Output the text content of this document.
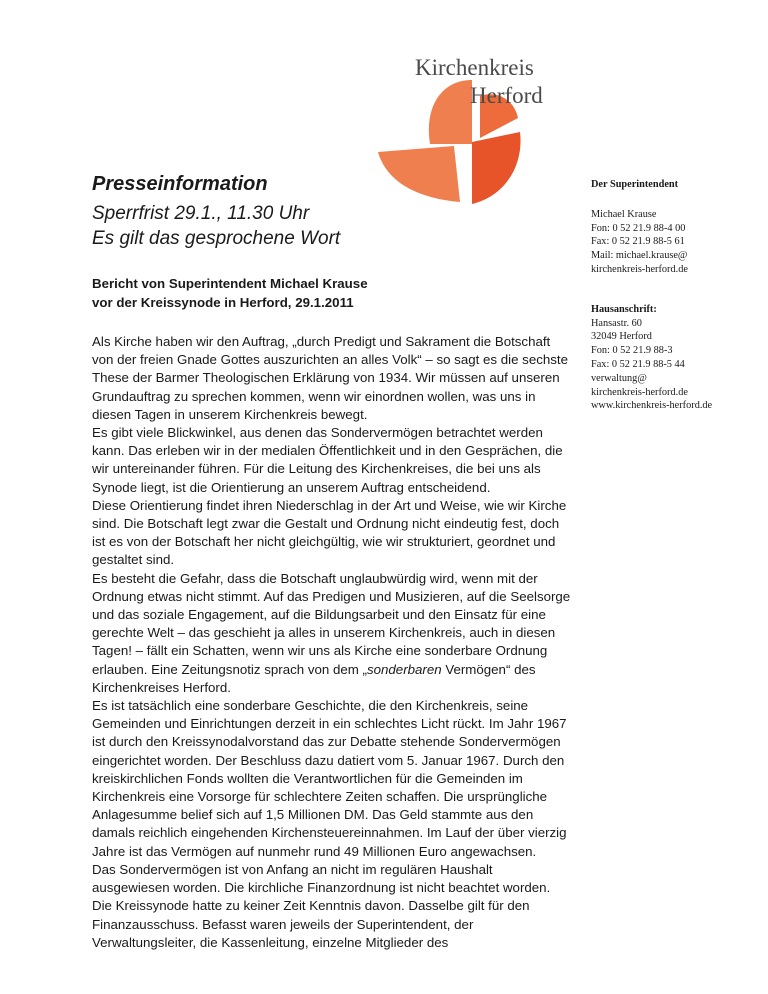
Kirchenkreis
Herford
Presseinformation
Sperrfrist 29.1., 11.30 Uhr
Es gilt das gesprochene Wort
Bericht von Superintendent Michael Krause
vor der Kreissynode in Herford, 29.1.2011

Als Kirche haben wir den Auftrag, „durch Predigt und Sakrament die Botschaft von der freien Gnade Gottes auszurichten an alles Volk“ – so sagt es die sechste These der Barmer Theologischen Erklärung von 1934. Wir müssen auf unseren Grundauftrag zu sprechen kommen, wenn wir einordnen wollen, was uns in diesen Tagen in unserem Kirchenkreis bewegt.

Es gibt viele Blickwinkel, aus denen das Sondervermögen betrachtet werden kann. Das erleben wir in der medialen Öffentlichkeit und in den Gesprächen, die wir untereinander führen. Für die Leitung des Kirchenkreises, die bei uns als Synode liegt, ist die Orientierung an unserem Auftrag entscheidend.

Diese Orientierung findet ihren Niederschlag in der Art und Weise, wie wir Kirche sind. Die Botschaft legt zwar die Gestalt und Ordnung nicht eindeutig fest, doch ist es von der Botschaft her nicht gleichgültig, wie wir strukturiert, geordnet und gestaltet sind.

Es besteht die Gefahr, dass die Botschaft unglaubwürdig wird, wenn mit der Ordnung etwas nicht stimmt. Auf das Predigen und Musizieren, auf die Seelsorge und das soziale Engagement, auf die Bildungsarbeit und den Einsatz für eine gerechte Welt – das geschieht ja alles in unserem Kirchenkreis, auch in diesen Tagen! – fällt ein Schatten, wenn wir uns als Kirche eine sonderbare Ordnung erlauben. Eine Zeitungsnotiz sprach von dem „sonderbaren Vermögen“ des Kirchenkreises Herford.

Es ist tatsächlich eine sonderbare Geschichte, die den Kirchenkreis, seine Gemeinden und Einrichtungen derzeit in ein schlechtes Licht rückt. Im Jahr 1967 ist durch den Kreissynodalvorstand das zur Debatte stehende Sondervermögen eingerichtet worden. Der Beschluss dazu datiert vom 5. Januar 1967. Durch den kreiskirchlichen Fonds wollten die Verantwortlichen für die Gemeinden im Kirchenkreis eine Vorsorge für schlechtere Zeiten schaffen. Die ursprüngliche Anlagesumme belief sich auf 1,5 Millionen DM. Das Geld stammte aus den damals reichlich eingehenden Kirchensteuereinnahmen. Im Lauf der über vierzig Jahre ist das Vermögen auf nunmehr rund 49 Millionen Euro angewachsen.

Das Sondervermögen ist von Anfang an nicht im regulären Haushalt ausgewiesen worden. Die kirchliche Finanzordnung ist nicht beachtet worden. Die Kreissynode hatte zu keiner Zeit Kenntnis davon. Dasselbe gilt für den Finanzausschuss. Befasst waren jeweils der Superintendent, der Verwaltungsleiter, die Kassenleitung, einzelne Mitglieder des

Der Superintendent
Michael Krause
Fon: 0 52 21.9 88-4 00
Fax: 0 52 21.9 88-5 61
Mail: michael.krause@
kirchenkreis-herford.de
Hausanschrift:
Hansastr. 60
32049 Herford
Fon: 0 52 21.9 88-3
Fax: 0 52 21.9 88-5 44
verwaltung@
kirchenkreis-herford.de
www.kirchenkreis-herford.de
